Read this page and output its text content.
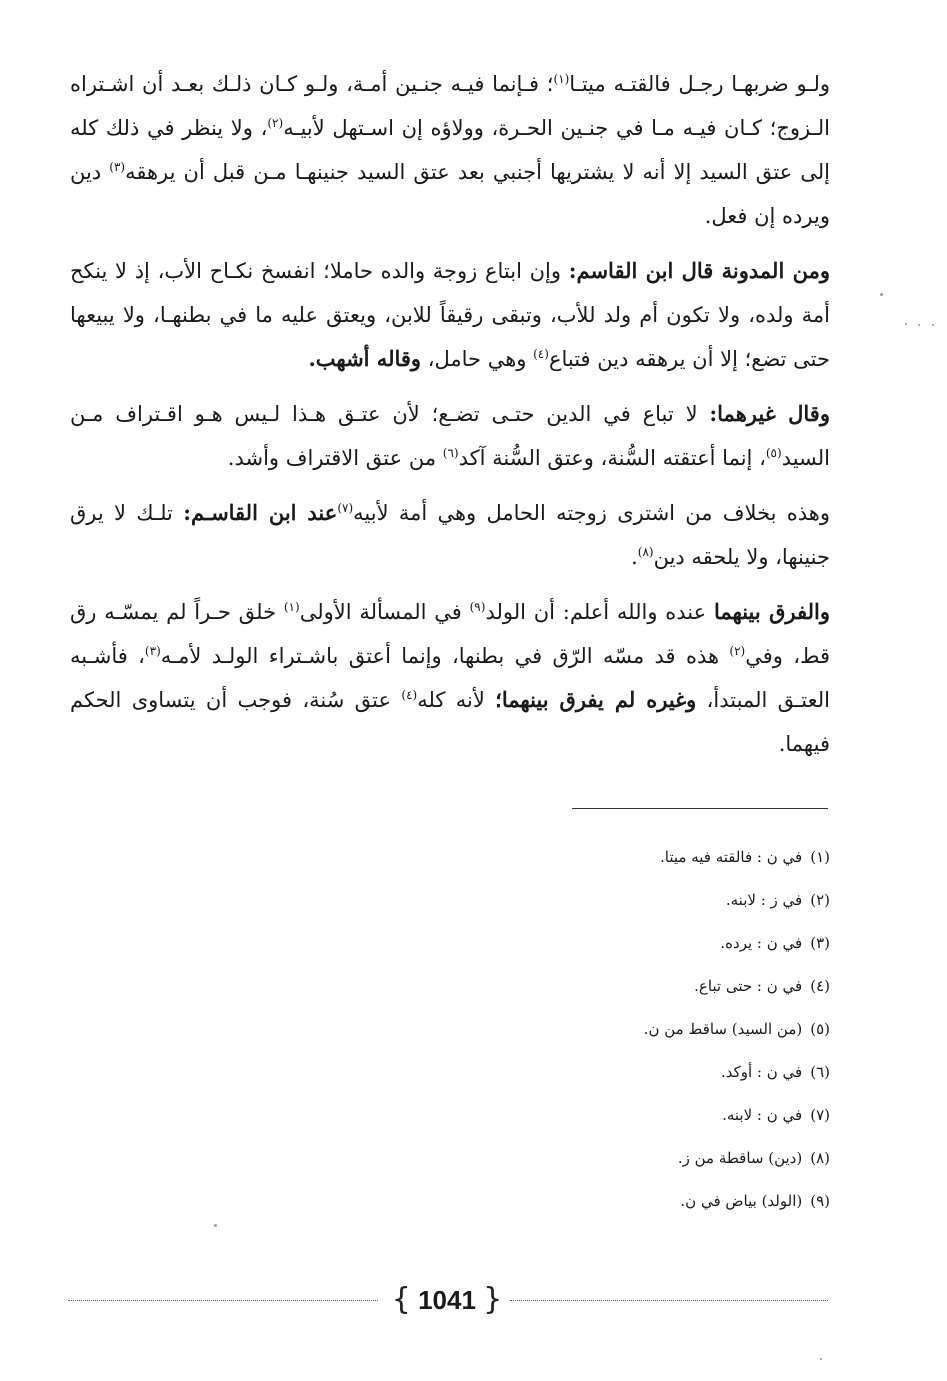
ولـو ضربهـا رجـل فالقتـه ميتـا$^{(١)}$؛ فـإنما فيـه جنـين أمـة، ولـو كـان ذلـك بعـد أن اشـتراه الـزوج؛ كـان فيـه مـا في جنـين الحـرة، وولاؤه إن اسـتهل لأبيـه$^{(٢)}$، ولا ينظر في ذلك كله إلى عتق السيد إلا أنه لا يشتريها أجنبي بعد عتق السيد جنينهـا مـن قبل أن يرهقه$^{(٣)}$ دين ويرده إن فعل.

ومن المدونة قال ابن القاسم: وإن ابتاع زوجة والده حاملا؛ انفسخ نكـاح الأب، إذ لا ينكح أمة ولده، ولا تكون أم ولد للأب، وتبقى رقيقاً للابن، ويعتق عليه ما في بطنهـا، ولا يبيعها حتى تضع؛ إلا أن يرهقه دين فتباع$^{(٤)}$ وهي حامل، وقاله أشهب.

وقال غيرهما: لا تباع في الدين حتـى تضـع؛ لأن عتـق هـذا لـيس هـو اقـتراف مـن السيد$^{(٥)}$، إنما أعتقته السُّنة، وعتق السُّنة آكد$^{(٦)}$ من عتق الاقتراف وأشد.

وهذه بخلاف من اشترى زوجته الحامل وهي أمة لأبيه$^{(٧)}$عند ابن القاسـم: تلـك لا يرق جنينها، ولا يلحقه دين$^{(٨)}$.

والفرق بينهما عنده والله أعلم: أن الولد$^{(٩)}$ في المسألة الأولى$^{(١)}$ خلق حـراً لم يمسّـه رق قط، وفي$^{(٢)}$ هذه قد مسّه الرّق في بطنها، وإنما أعتق باشـتراء الولـد لأمـه$^{(٣)}$، فأشـبه العتـق المبتدأ، وغيره لم يفرق بينهما؛ لأنه كله$^{(٤)}$ عتق سُنة، فوجب أن يتساوى الحكم فيهما.

(١)في ن : فالقته فيه ميتا.
(٢)في ز : لابنه.
(٣)في ن : يرده.
(٤)في ن : حتى تباع.
(٥)(من السيد) ساقط من ن.
(٦)في ن : أوكد.
(٧)في ن : لابنه.
(٨)(دين) ساقطة من ز.
(٩)(الولد) بياض في ن.
{ 1041 }
